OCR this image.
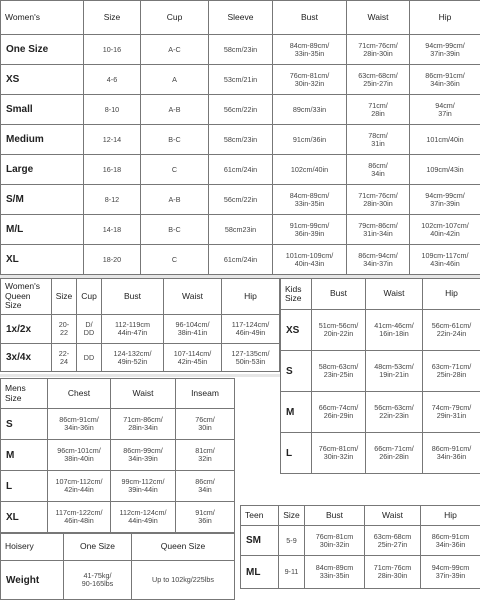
Women's	Size	Cup	Sleeve	Bust	Waist	Hip
One Size	10-16	A-C	58cm/23in	84cm-89cm/
33in-35in	71cm-76cm/
28in-30in	94cm-99cm/
37in-39in
XS	4-6	A	53cm/21in	76cm-81cm/
30in-32in	63cm-68cm/
25in-27in	86cm-91cm/
34in-36in
Small	8-10	A-B	56cm/22in	89cm/33in	71cm/
28in	94cm/
37in
Medium	12-14	B-C	58cm/23in	91cm/36in	78cm/
31in	101cm/40in
Large	16-18	C	61cm/24in	102cm/40in	86cm/
34in	109cm/43in
S/M	8-12	A-B	56cm/22in	84cm-89cm/
33in-35in	71cm-76cm/
28in-30in	94cm-99cm/
37in-39in
M/L	14-18	B-C	58cm23in	91cm-99cm/
36in-39in	79cm-86cm/
31in-34in	102cm-107cm/
40in-42in
XL	18-20	C	61cm/24in	101cm-109cm/
40in-43in	86cm-94cm/
34in-37in	109cm-117cm/
43in-46in
Women's
Queen
Size	Size	Cup	Bust	Waist	Hip
1x/2x	20-
22	D/
DD	112-119cm
44in-47in	96-104cm/
38in-41in	117-124cm/
46in-49in
3x/4x	22-
24	DD	124-132cm/
49in-52in	107-114cm/
42in-45in	127-135cm/
50in-53in
Kids
Size	Bust	Waist	Hip
XS	51cm-56cm/
20in-22in	41cm-46cm/
16in-18in	56cm-61cm/
22in-24in
S	58cm-63cm/
23in-25in	48cm-53cm/
19in-21in	63cm-71cm/
25in-28in
M	66cm-74cm/
26in-29in	56cm-63cm/
22in-23in	74cm-79cm/
29in-31in
L	76cm-81cm/
30in-32in	66cm-71cm/
26in-28in	86cm-91cm/
34in-36in
Mens
Size	Chest	Waist	Inseam
S	86cm-91cm/
34in-36in	71cm-86cm/
28in-34in	76cm/
30in
M	96cm-101cm/
38in-40in	86cm-99cm/
34in-39in	81cm/
32in
L	107cm-112cm/
42in-44in	99cm-112cm/
39in-44in	86cm/
34in
XL	117cm-122cm/
46in-48in	112cm-124cm/
44in-49in	91cm/
36in
Teen	Size	Bust	Waist	Hip
SM	5-9	76cm-81cm
30in-32in	63cm-68cm
25in-27in	86cm-91cm
34in-36in
ML	9-11	84cm-89cm
33in-35in	71cm-76cm
28in-30in	94cm-99cm
37in-39in
Hoisery	One Size	Queen Size
Weight	41-75kg/
90-165lbs	Up to 102kg/225lbs
